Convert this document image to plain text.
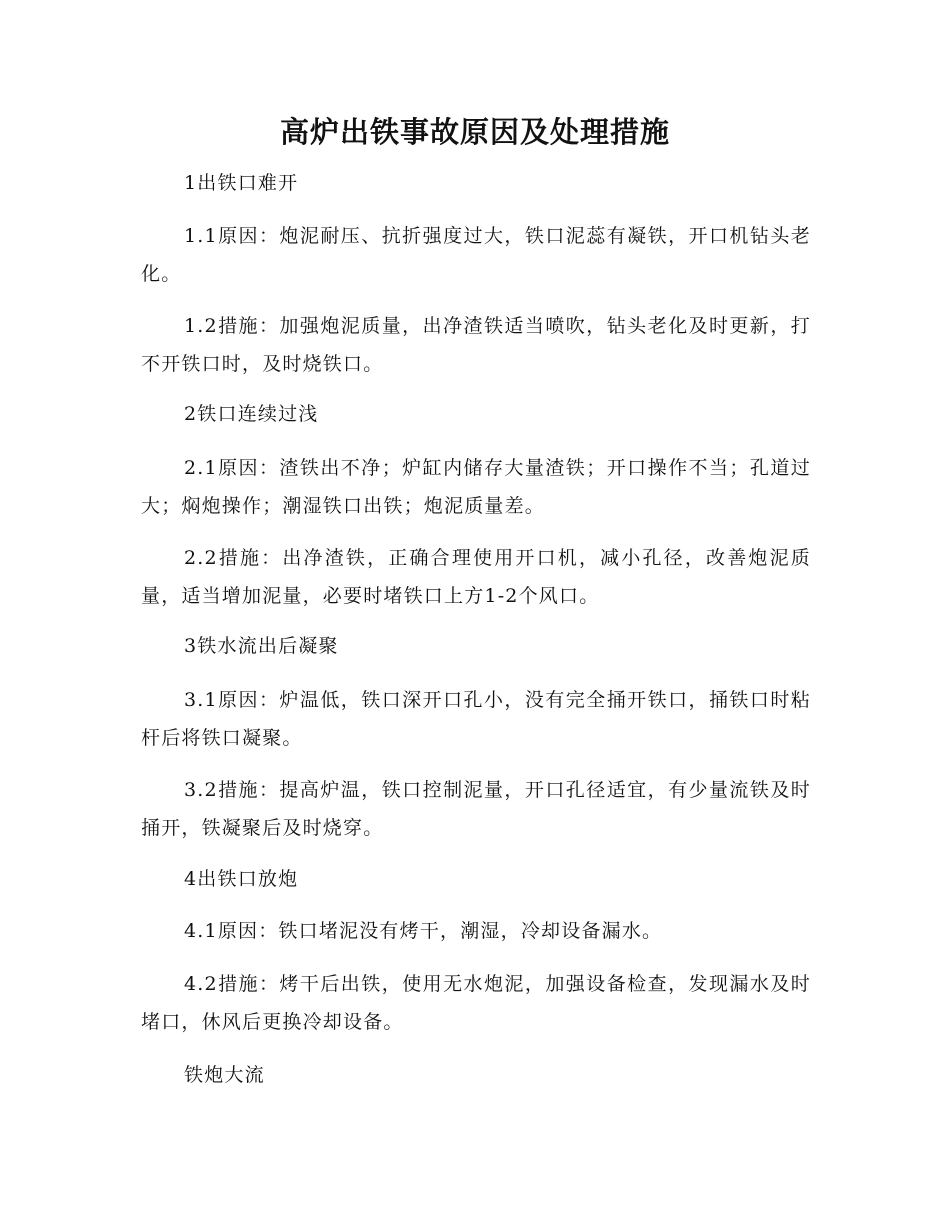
高炉出铁事故原因及处理措施
1出铁口难开
1.1原因：炮泥耐压、抗折强度过大，铁口泥蕊有凝铁，开口机钻头老化。
1.2措施：加强炮泥质量，出净渣铁适当喷吹，钻头老化及时更新，打不开铁口时，及时烧铁口。
2铁口连续过浅
2.1原因：渣铁出不净；炉缸内储存大量渣铁；开口操作不当；孔道过大；焖炮操作；潮湿铁口出铁；炮泥质量差。
2.2措施：出净渣铁，正确合理使用开口机，减小孔径，改善炮泥质量，适当增加泥量，必要时堵铁口上方1-2个风口。
3铁水流出后凝聚
3.1原因：炉温低，铁口深开口孔小，没有完全捅开铁口，捅铁口时粘杆后将铁口凝聚。
3.2措施：提高炉温，铁口控制泥量，开口孔径适宜，有少量流铁及时捅开，铁凝聚后及时烧穿。
4出铁口放炮
4.1原因：铁口堵泥没有烤干，潮湿，冷却设备漏水。
4.2措施：烤干后出铁，使用无水炮泥，加强设备检查，发现漏水及时堵口，休风后更换冷却设备。
铁炮大流
